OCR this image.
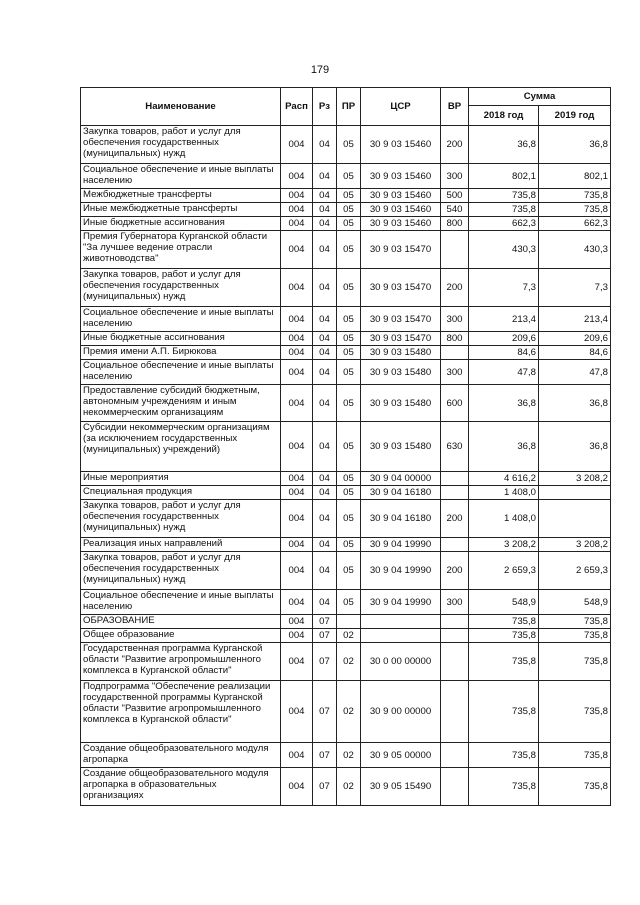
179
Наименование	Расп	Рз	ПР	ЦСР	ВР	Сумма	
						2018 год	2019 год
Закупка товаров, работ и услуг для обеспечения государственных (муниципальных) нужд	004	04	05	30 9 03 15460	200	36,8	36,8
Социальное обеспечение и иные выплаты населению	004	04	05	30 9 03 15460	300	802,1	802,1
Межбюджетные трансферты	004	04	05	30 9 03 15460	500	735,8	735,8
Иные межбюджетные трансферты	004	04	05	30 9 03 15460	540	735,8	735,8
Иные бюджетные ассигнования	004	04	05	30 9 03 15460	800	662,3	662,3
Премия Губернатора Курганской области "За лучшее ведение отрасли животноводства"	004	04	05	30 9 03 15470		430,3	430,3
Закупка товаров, работ и услуг для обеспечения государственных (муниципальных) нужд	004	04	05	30 9 03 15470	200	7,3	7,3
Социальное обеспечение и иные выплаты населению	004	04	05	30 9 03 15470	300	213,4	213,4
Иные бюджетные ассигнования	004	04	05	30 9 03 15470	800	209,6	209,6
Премия имени А.П. Бирюкова	004	04	05	30 9 03 15480		84,6	84,6
Социальное обеспечение и иные выплаты населению	004	04	05	30 9 03 15480	300	47,8	47,8
Предоставление субсидий бюджетным, автономным учреждениям и иным некоммерческим организациям	004	04	05	30 9 03 15480	600	36,8	36,8
Субсидии некоммерческим организациям (за исключением государственных (муниципальных) учреждений)	004	04	05	30 9 03 15480	630	36,8	36,8
Иные мероприятия	004	04	05	30 9 04 00000		4 616,2	3 208,2
Специальная продукция	004	04	05	30 9 04 16180		1 408,0	
Закупка товаров, работ и услуг для обеспечения государственных (муниципальных) нужд	004	04	05	30 9 04 16180	200	1 408,0	
Реализация иных направлений	004	04	05	30 9 04 19990		3 208,2	3 208,2
Закупка товаров, работ и услуг для обеспечения государственных (муниципальных) нужд	004	04	05	30 9 04 19990	200	2 659,3	2 659,3
Социальное обеспечение и иные выплаты населению	004	04	05	30 9 04 19990	300	548,9	548,9
ОБРАЗОВАНИЕ	004	07				735,8	735,8
Общее образование	004	07	02			735,8	735,8
Государственная программа Курганской области "Развитие агропромышленного комплекса в Курганской области"	004	07	02	30 0 00 00000		735,8	735,8
Подпрограмма "Обеспечение реализации государственной программы Курганской области "Развитие агропромышленного комплекса в Курганской области"	004	07	02	30 9 00 00000		735,8	735,8
Создание общеобразовательного модуля агропарка	004	07	02	30 9 05 00000		735,8	735,8
Создание общеобразовательного модуля агропарка в образовательных организациях	004	07	02	30 9 05 15490		735,8	735,8
